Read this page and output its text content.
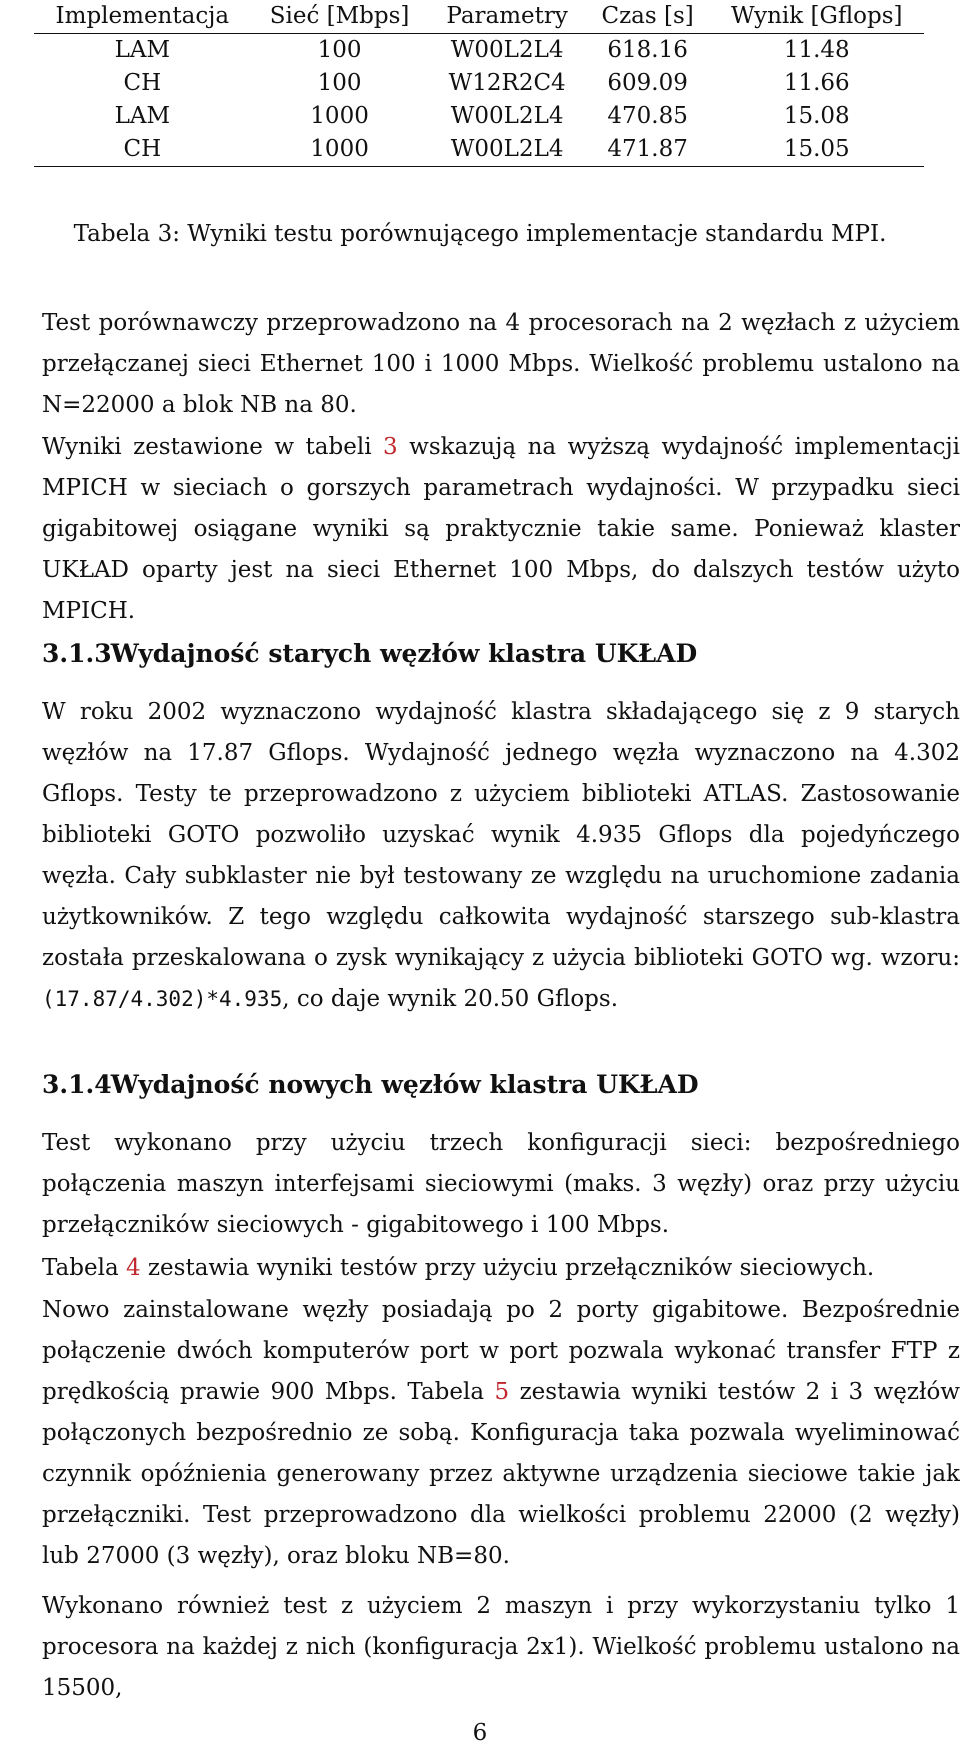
Implementacja	Sieć [Mbps]	Parametry	Czas [s]	Wynik [Gflops]
LAM	100	W00L2L4	618.16	11.48
CH	100	W12R2C4	609.09	11.66
LAM	1000	W00L2L4	470.85	15.08
CH	1000	W00L2L4	471.87	15.05
Tabela 3: Wyniki testu porównującego implementacje standardu MPI.

Test porównawczy przeprowadzono na 4 procesorach na 2 węzłach z użyciem przełączanej sieci Ethernet 100 i 1000 Mbps. Wielkość problemu ustalono na N=22000 a blok NB na 80.

Wyniki zestawione w tabeli 3 wskazują na wyższą wydajność implementacji MPICH w sieciach o gorszych parametrach wydajności. W przypadku sieci gigabitowej osiągane wyniki są praktycznie takie same. Ponieważ klaster UKŁAD oparty jest na sieci Ethernet 100 Mbps, do dalszych testów użyto MPICH.

3.1.3 Wydajność starych węzłów klastra UKŁAD

W roku 2002 wyznaczono wydajność klastra składającego się z 9 starych węzłów na 17.87 Gflops. Wydajność jednego węzła wyznaczono na 4.302 Gflops. Testy te przeprowadzono z użyciem biblioteki ATLAS. Zastosowanie biblioteki GOTO pozwoliło uzyskać wynik 4.935 Gflops dla pojedyńczego węzła. Cały subklaster nie był testowany ze względu na uruchomione zadania użytkowników. Z tego względu całkowita wydajność starszego sub-klastra została przeskalowana o zysk wynikający z użycia biblioteki GOTO wg. wzoru: (17.87/4.302)*4.935, co daje wynik 20.50 Gflops.

3.1.4 Wydajność nowych węzłów klastra UKŁAD

Test wykonano przy użyciu trzech konfiguracji sieci: bezpośredniego połączenia maszyn interfejsami sieciowymi (maks. 3 węzły) oraz przy użyciu przełączników sieciowych - gigabitowego i 100 Mbps.

Tabela 4 zestawia wyniki testów przy użyciu przełączników sieciowych.

Nowo zainstalowane węzły posiadają po 2 porty gigabitowe. Bezpośrednie połączenie dwóch komputerów port w port pozwala wykonać transfer FTP z prędkością prawie 900 Mbps. Tabela 5 zestawia wyniki testów 2 i 3 węzłów połączonych bezpośrednio ze sobą. Konfiguracja taka pozwala wyeliminować czynnik opóźnienia generowany przez aktywne urządzenia sieciowe takie jak przełączniki. Test przeprowadzono dla wielkości problemu 22000 (2 węzły) lub 27000 (3 węzły), oraz bloku NB=80.

Wykonano również test z użyciem 2 maszyn i przy wykorzystaniu tylko 1 procesora na każdej z nich (konfiguracja 2x1). Wielkość problemu ustalono na 15500,

6
